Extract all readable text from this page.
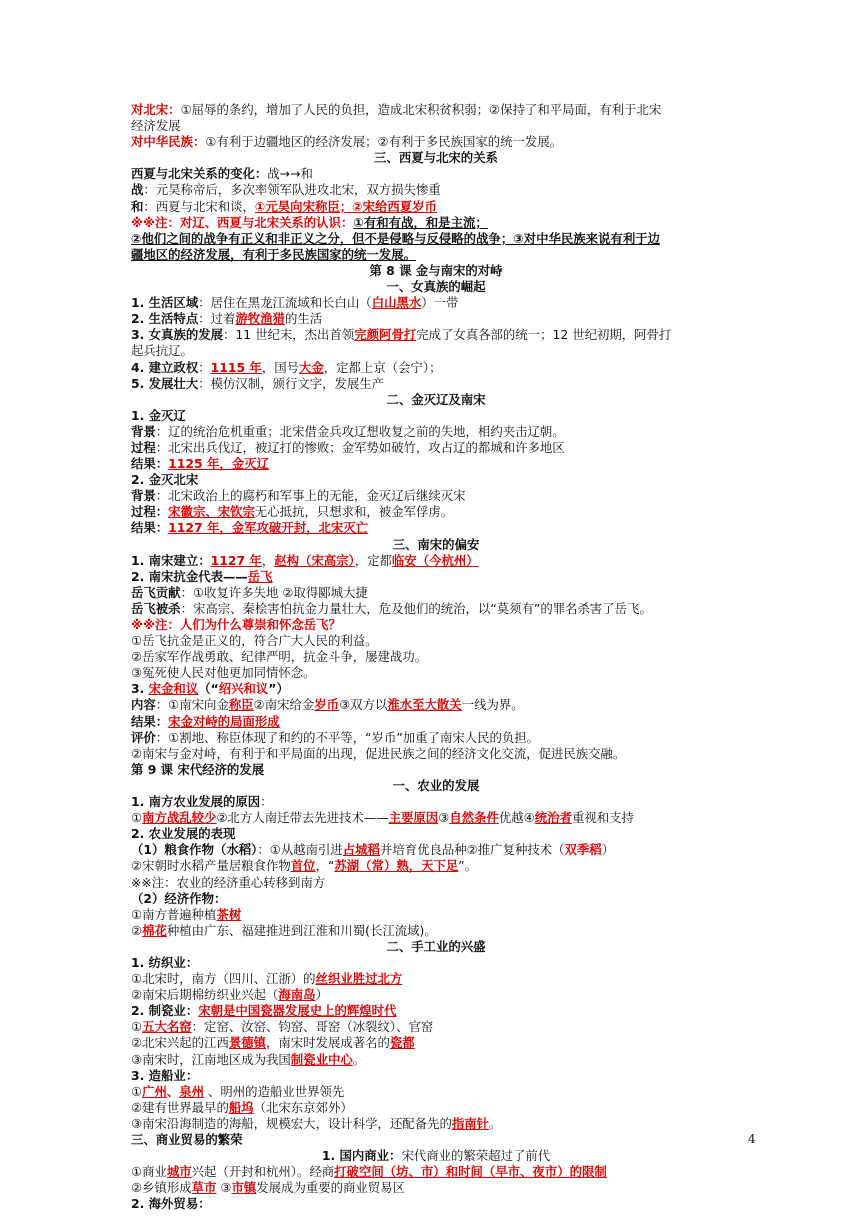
对北宋：①屈辱的条约，增加了人民的负担，造成北宋积贫积弱；②保持了和平局面，有利于北宋
经济发展
对中华民族：①有利于边疆地区的经济发展；②有利于多民族国家的统一发展。
三、西夏与北宋的关系
西夏与北宋关系的变化：战→→和
战：元昊称帝后，多次率领军队进攻北宋，双方损失惨重
和：西夏与北宋和谈，①元昊向宋称臣；②宋给西夏岁币
※※注：对辽、西夏与北宋关系的认识：①有和有战，和是主流；
②他们之间的战争有正义和非正义之分，但不是侵略与反侵略的战争；③对中华民族来说有利于边
疆地区的经济发展，有利于多民族国家的统一发展。
第 8 课 金与南宋的对峙
一、女真族的崛起
1. 生活区域：居住在黑龙江流域和长白山（白山黑水）一带
2. 生活特点：过着游牧渔猎的生活
3. 女真族的发展：11 世纪末，杰出首领完颜阿骨打完成了女真各部的统一；12 世纪初期，阿骨打
起兵抗辽。
4. 建立政权：1115 年，国号大金，定都上京（会宁）；
5. 发展壮大：模仿汉制，颁行文字，发展生产
二、金灭辽及南宋
1. 金灭辽
背景：辽的统治危机重重；北宋借金兵攻辽想收复之前的失地，相约夹击辽朝。
过程：北宋出兵伐辽，被辽打的惨败；金军势如破竹，攻占辽的都城和许多地区
结果：1125 年，金灭辽
2. 金灭北宋
背景：北宋政治上的腐朽和军事上的无能，金灭辽后继续灭宋
过程：宋徽宗、宋钦宗无心抵抗，只想求和，被金军俘虏。
结果：1127 年，金军攻破开封，北宋灭亡
三、南宋的偏安
1. 南宋建立：1127 年，赵构（宋高宗），定都临安（今杭州）
2. 南宋抗金代表——岳飞
岳飞贡献：①收复许多失地 ②取得郾城大捷
岳飞被杀：宋高宗、秦桧害怕抗金力量壮大，危及他们的统治，以“莫须有”的罪名杀害了岳飞。
※※注：人们为什么尊崇和怀念岳飞？
①岳飞抗金是正义的，符合广大人民的利益。
②岳家军作战勇敢、纪律严明，抗金斗争，屡建战功。
③冤死使人民对他更加同情怀念。
3. 宋金和议（“绍兴和议”）
内容：①南宋向金称臣②南宋给金岁币③双方以淮水至大散关一线为界。
结果：宋金对峙的局面形成
评价：①割地、称臣体现了和约的不平等，“岁币”加重了南宋人民的负担。
②南宋与金对峙，有利于和平局面的出现，促进民族之间的经济文化交流，促进民族交融。
第 9 课 宋代经济的发展
一、农业的发展
1. 南方农业发展的原因：
①南方战乱较少②北方人南迁带去先进技术——主要原因③自然条件优越④统治者重视和支持
2. 农业发展的表现
（1）粮食作物（水稻）：①从越南引进占城稻并培育优良品种②推广复种技术（双季稻）
②宋朝时水稻产量居粮食作物首位，“苏湖（常）熟，天下足”。
※※注：农业的经济重心转移到南方
（2）经济作物：
①南方普遍种植茶树
②棉花种植由广东、福建推进到江淮和川蜀(长江流域)。
二、手工业的兴盛
1. 纺织业：
①北宋时，南方（四川、江浙）的丝织业胜过北方
②南宋后期棉纺织业兴起（海南岛）
2. 制瓷业：宋朝是中国瓷器发展史上的辉煌时代
①五大名窑：定窑、汝窑、钧窑、哥窑（冰裂纹）、官窑
②北宋兴起的江西景德镇，南宋时发展成著名的瓷都
③南宋时，江南地区成为我国制瓷业中心。
3. 造船业：
①广州、泉州 、明州的造船业世界领先
②建有世界最早的船坞（北宋东京郊外）
③南宋沿海制造的海船，规模宏大，设计科学，还配备先的指南针。
三、商业贸易的繁荣
1. 国内商业：宋代商业的繁荣超过了前代
①商业城市兴起（开封和杭州）。经商打破空间（坊、市）和时间（早市、夜市）的限制
②乡镇形成草市 ③市镇发展成为重要的商业贸易区
2. 海外贸易：
4
